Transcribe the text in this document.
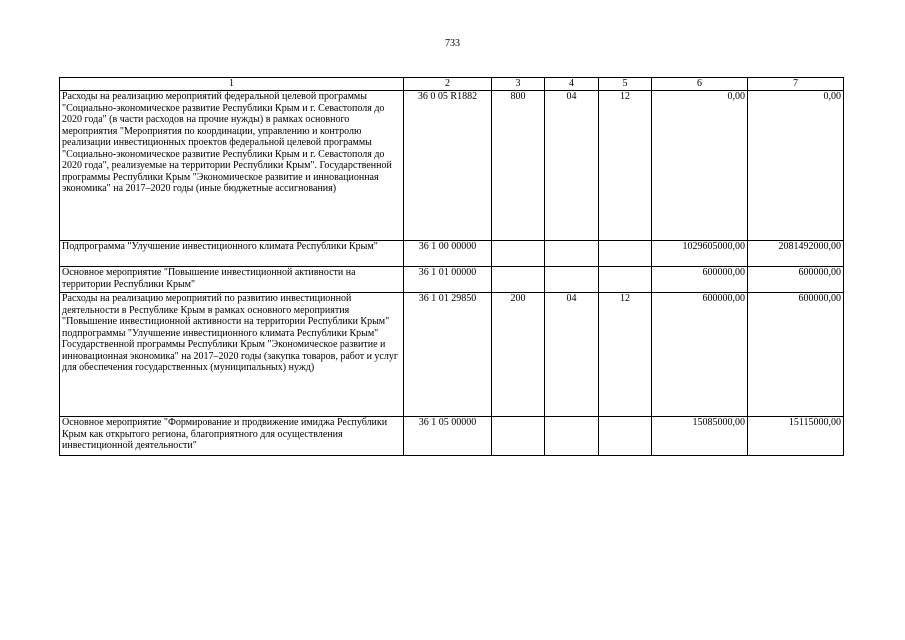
733
1	2	3	4	5	6	7
Расходы на реализацию мероприятий федеральной целевой программы "Социально-экономическое развитие Республики Крым и г. Севастополя до 2020 года" (в части расходов на прочие нужды) в рамках основного мероприятия "Мероприятия по координации, управлению и контролю реализации инвестиционных проектов федеральной целевой программы "Социально-экономическое развитие Республики Крым и г. Севастополя до 2020 года", реализуемые на территории Республики Крым". Государственной программы Республики Крым "Экономическое развитие и инновационная экономика" на 2017–2020 годы (иные бюджетные ассигнования)	36 0 05 R1882	800	04	12	0,00	0,00
Подпрограмма "Улучшение инвестиционного климата Республики Крым"	36 1 00 00000				1029605000,00	2081492000,00
Основное мероприятие "Повышение инвестиционной активности на территории Республики Крым"	36 1 01 00000				600000,00	600000,00
Расходы на реализацию мероприятий по развитию инвестиционной деятельности в Республике Крым в рамках основного мероприятия "Повышение инвестиционной активности на территории Республики Крым" подпрограммы "Улучшение инвестиционного климата Республики Крым" Государственной программы Республики Крым "Экономическое развитие и инновационная экономика" на 2017–2020 годы (закупка товаров, работ и услуг для обеспечения государственных (муниципальных) нужд)	36 1 01 29850	200	04	12	600000,00	600000,00
Основное мероприятие "Формирование и продвижение имиджа Республики Крым как открытого региона, благоприятного для осуществления инвестиционной деятельности"	36 1 05 00000				15085000,00	15115000,00
